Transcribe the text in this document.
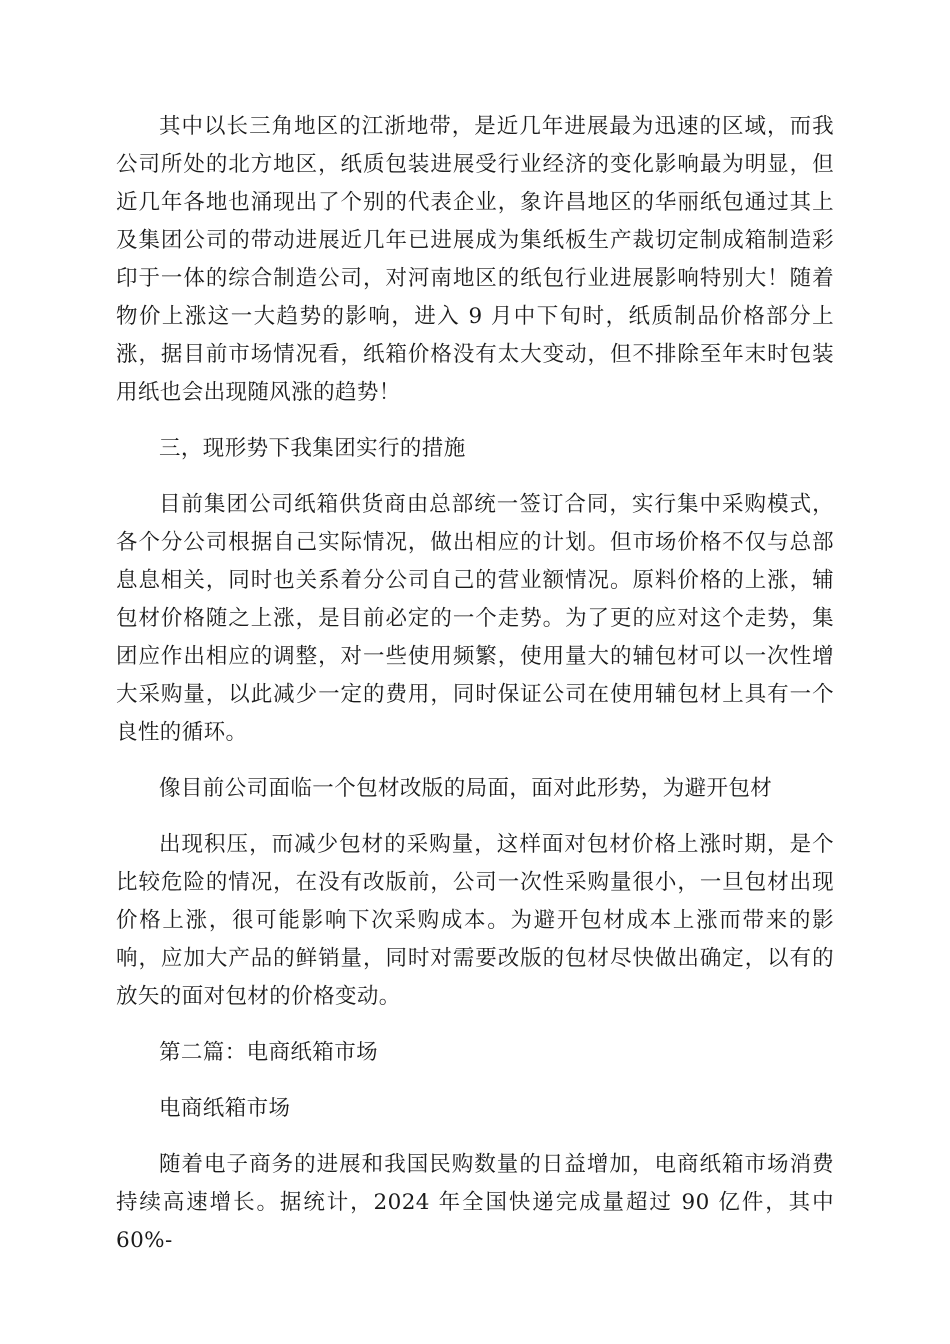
其中以长三角地区的江浙地带，是近几年进展最为迅速的区域，而我公司所处的北方地区，纸质包装进展受行业经济的变化影响最为明显，但近几年各地也涌现出了个别的代表企业，象许昌地区的华丽纸包通过其上及集团公司的带动进展近几年已进展成为集纸板生产裁切定制成箱制造彩印于一体的综合制造公司，对河南地区的纸包行业进展影响特别大！随着物价上涨这一大趋势的影响，进入 9 月中下旬时，纸质制品价格部分上涨，据目前市场情况看，纸箱价格没有太大变动，但不排除至年末时包装用纸也会出现随风涨的趋势！

三，现形势下我集团实行的措施

目前集团公司纸箱供货商由总部统一签订合同，实行集中采购模式，各个分公司根据自己实际情况，做出相应的计划。但市场价格不仅与总部息息相关，同时也关系着分公司自己的营业额情况。原料价格的上涨，辅包材价格随之上涨，是目前必定的一个走势。为了更的应对这个走势，集团应作出相应的调整，对一些使用频繁，使用量大的辅包材可以一次性增大采购量，以此减少一定的费用，同时保证公司在使用辅包材上具有一个良性的循环。

像目前公司面临一个包材改版的局面，面对此形势，为避开包材

出现积压，而减少包材的采购量，这样面对包材价格上涨时期，是个比较危险的情况，在没有改版前，公司一次性采购量很小，一旦包材出现价格上涨，很可能影响下次采购成本。为避开包材成本上涨而带来的影响，应加大产品的鲜销量，同时对需要改版的包材尽快做出确定，以有的放矢的面对包材的价格变动。

第二篇：电商纸箱市场

电商纸箱市场

随着电子商务的进展和我国民购数量的日益增加，电商纸箱市场消费持续高速增长。据统计，2024 年全国快递完成量超过 90 亿件，其中 60%-
